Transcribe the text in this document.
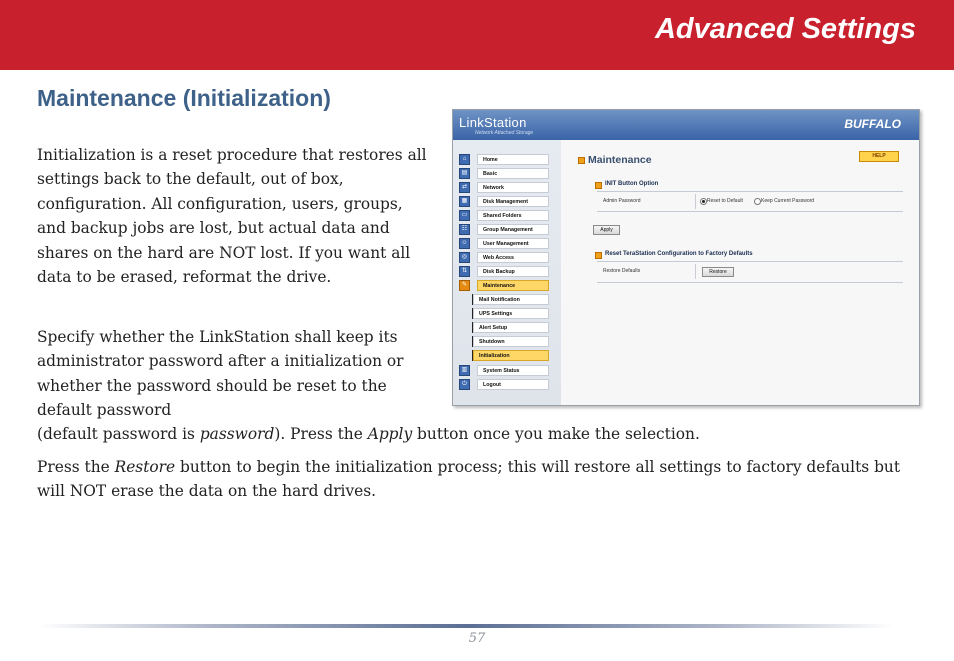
Advanced Settings
Maintenance (Initialization)

Initialization is a reset procedure that restores all settings back to the default, out of box, configuration. All configuration, users, groups, and backup jobs are lost, but actual data and shares on the hard are NOT lost. If you want all data to be erased, reformat the drive.

Specify whether the LinkStation shall keep its administrator password after a initialization or whether the password should be reset to the default password

(default password is password). Press the Apply button once you make the selection.

Press the Restore button to begin the initialization process; this will restore all settings to factory defaults but will NOT erase the data on the hard drives.

LinkStation
Network Attached Storage
BUFFALO
⌂	Home
▤	Basic
⇄	Network
▦	Disk Management
▭	Shared Folders
☷	Group Management
☺	User Management
◎	Web Access
⇅	Disk Backup
✎	Maintenance
Mail Notification
UPS Settings
Alert Setup
Shutdown
Initialization
▥	System Status
⏻	Logout
Maintenance	HELP
INIT Button Option
Admin Password	Reset to Default	Keep Current Password
Apply
Reset TeraStation Configuration to Factory Defaults
Restore Defaults	Restore
57
